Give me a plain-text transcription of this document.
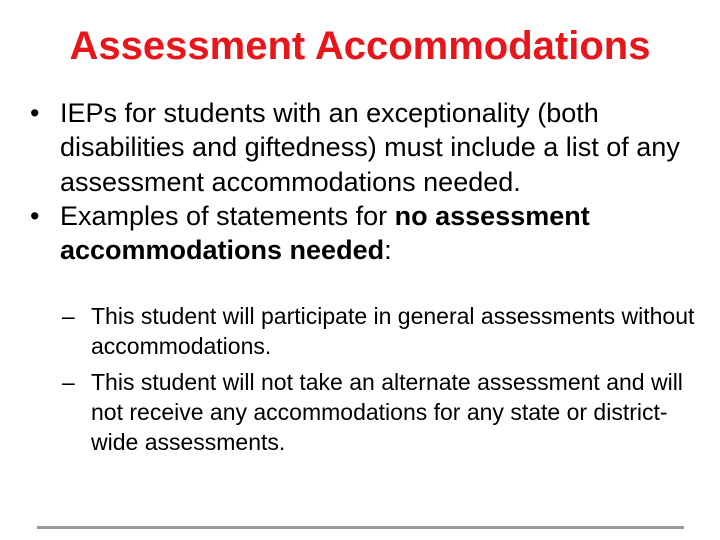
Assessment Accommodations
• IEPs for students with an exceptionality (both disabilities and giftedness) must include a list of any assessment accommodations needed.
• Examples of statements for no assessment accommodations needed:
– This student will participate in general assessments without accommodations.
– This student will not take an alternate assessment and will not receive any accommodations for any state or district-wide assessments.
